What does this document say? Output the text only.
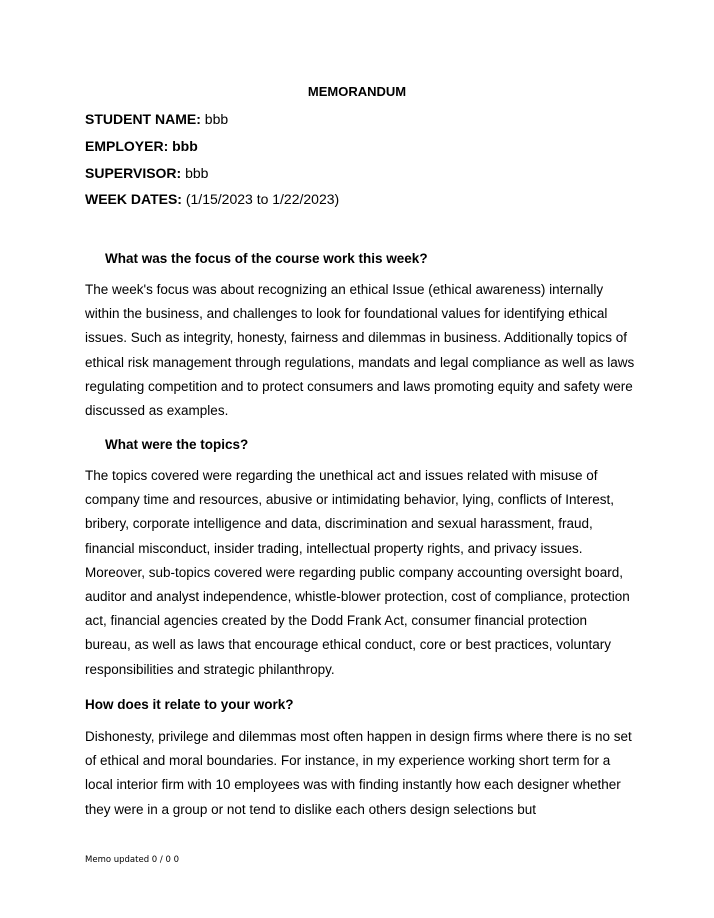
MEMORANDUM
STUDENT NAME: bbb
EMPLOYER: bbb
SUPERVISOR: bbb
WEEK DATES: (1/15/2023 to 1/22/2023)
What was the focus of the course work this week?
The week's focus was about recognizing an ethical Issue (ethical awareness) internally within the business, and challenges to look for foundational values for identifying ethical issues. Such as integrity, honesty, fairness and dilemmas in business. Additionally topics of ethical risk management through regulations, mandats and legal compliance as well as laws regulating competition and to protect consumers and laws promoting equity and safety were discussed as examples.
What were the topics?
The topics covered were regarding the unethical act and issues related with misuse of company time and resources, abusive or intimidating behavior, lying, conflicts of Interest, bribery, corporate intelligence and data, discrimination and sexual harassment, fraud, financial misconduct, insider trading, intellectual property rights, and privacy issues. Moreover, sub-topics covered were regarding public company accounting oversight board, auditor and analyst independence, whistle-blower protection, cost of compliance, protection act, financial agencies created by the Dodd Frank Act, consumer financial protection bureau, as well as laws that encourage ethical conduct, core or best practices, voluntary responsibilities and strategic philanthropy.
How does it relate to your work?
Dishonesty, privilege and dilemmas most often happen in design firms where there is no set of ethical and moral boundaries. For instance, in my experience working short term for a local interior firm with 10 employees was with finding instantly how each designer whether they were in a group or not tend to dislike each others design selections but
Memo updated 0 / 0 0
